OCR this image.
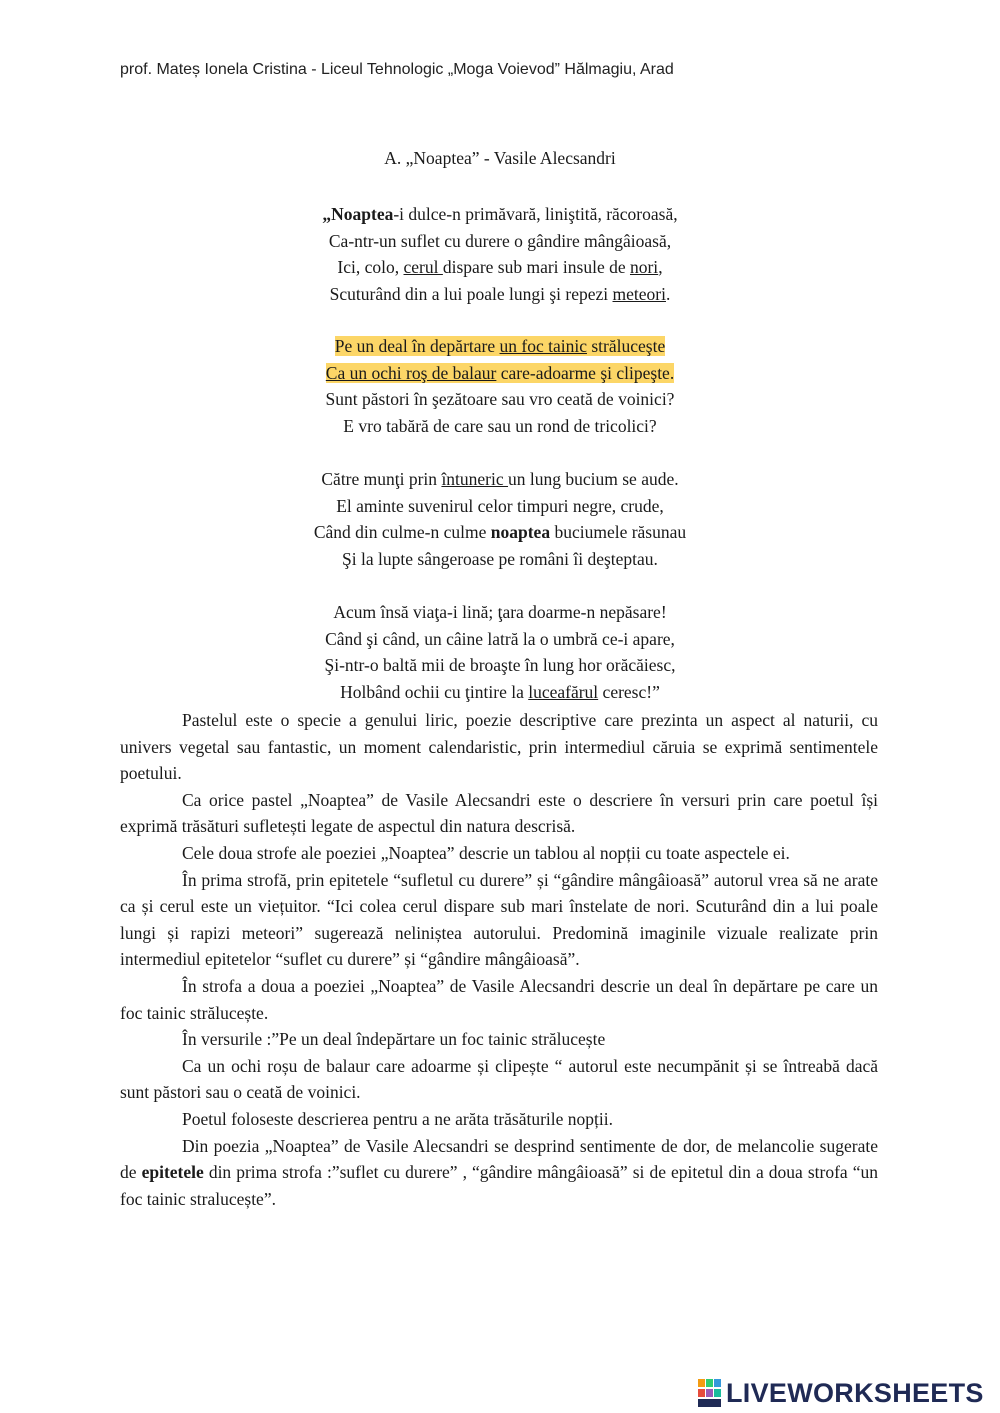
prof. Mateș Ionela Cristina - Liceul Tehnologic „Moga Voievod” Hălmagiu, Arad
A. „Noaptea” - Vasile Alecsandri
„Noaptea-i dulce-n primăvară, liniştită, răcoroasă,
Ca-ntr-un suflet cu durere o gândire mângâioasă,
Ici, colo, cerul dispare sub mari insule de nori,
Scuturând din a lui poale lungi şi repezi meteori.
Pe un deal în depărtare un foc tainic străluceşte
Ca un ochi roş de balaur care-adoarme şi clipeşte.
Sunt păstori în şezătoare sau vro ceată de voinici?
E vro tabără de care sau un rond de tricolici?
Către munţi prin întuneric un lung bucium se aude.
El aminte suvenirul celor timpuri negre, crude,
Când din culme-n culme noaptea buciumele răsunau
Şi la lupte sângeroase pe români îi deşteptau.
Acum însă viaţa-i lină; ţara doarme-n nepăsare!
Când şi când, un câine latră la o umbră ce-i apare,
Şi-ntr-o baltă mii de broaşte în lung hor orăcăiesc,
Holbând ochii cu ţintire la luceafărul ceresc!”

Pastelul este o specie a genului liric, poezie descriptive care prezinta un aspect al naturii, cu univers vegetal sau fantastic, un moment calendaristic, prin intermediul căruia se exprimă sentimentele poetului.

Ca orice pastel „Noaptea” de Vasile Alecsandri este o descriere în versuri prin care poetul își exprimă trăsături sufletești legate de aspectul din natura descrisă.

Cele doua strofe ale poeziei „Noaptea” descrie un tablou al nopții cu toate aspectele ei.

În prima strofă, prin epitetele “sufletul cu durere” și “gândire mângâioasă” autorul vrea să ne arate ca și cerul este un viețuitor. “Ici colea cerul dispare sub mari înstelate de nori. Scuturând din a lui poale lungi și rapizi meteori” sugerează neliniștea autorului. Predomină imaginile vizuale realizate prin intermediul epitetelor “suflet cu durere” și “gândire mângâioasă”.

În strofa a doua a poeziei „Noaptea” de Vasile Alecsandri descrie un deal în depărtare pe care un foc tainic strălucește.

În versurile :”Pe un deal îndepărtare un foc tainic strălucește

Ca un ochi roșu de balaur care adoarme și clipește “ autorul este necumpănit și se întreabă dacă sunt păstori sau o ceată de voinici.

Poetul foloseste descrierea pentru a ne arăta trăsăturile nopții.

Din poezia „Noaptea” de Vasile Alecsandri se desprind sentimente de dor, de melancolie sugerate de epitetele din prima strofa :”suflet cu durere” , “gândire mângâioasă” si de epitetul din a doua strofa “un foc tainic stralucește”.

LIVEWORKSHEETS
